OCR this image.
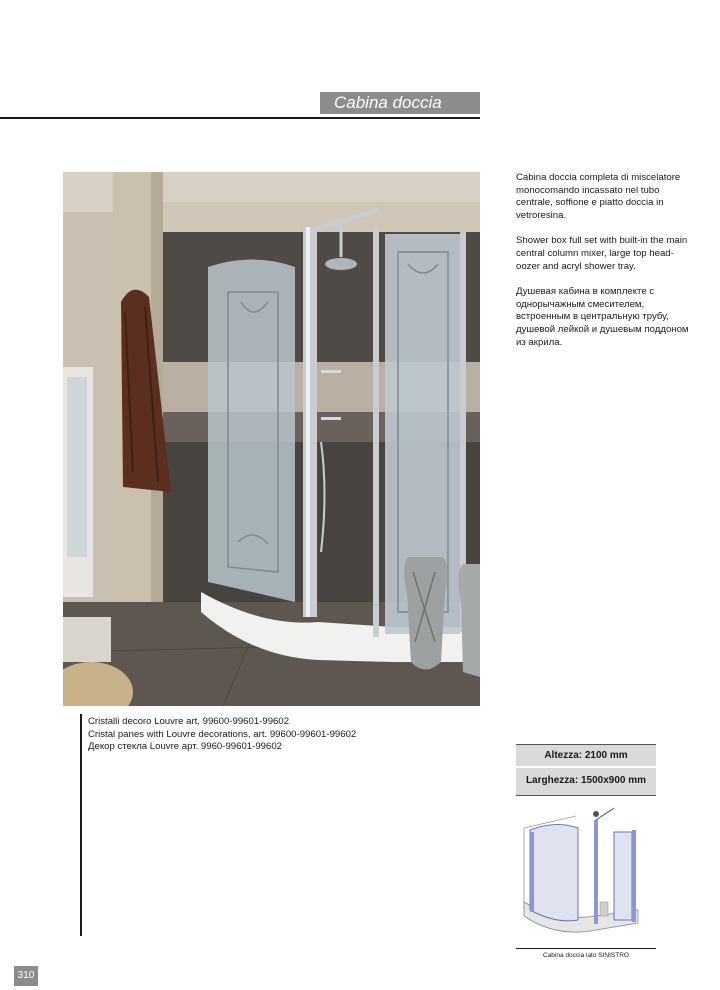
Cabina doccia

Cabina doccia completa di miscelatore monocomando incassato nel tubo centrale, soffione e piatto doccia in vetroresina.

Shower box full set with built-in the main central column mixer, large top head-oozer and acryl shower tray.

Душевая кабина в комплекте с однорычажным смесителем, встроенным в центральную трубу, душевой лейкой и душевым поддоном из акрила.

Cristalli decoro Louvre art. 99600-99601-99602
Cristal panes with Louvre decorations, art. 99600-99601-99602
Декор стекла Louvre арт. 9960-99601-99602
Altezza: 2100 mm
Larghezza: 1500x900 mm
Cabina doccia lato SINISTRO
310
